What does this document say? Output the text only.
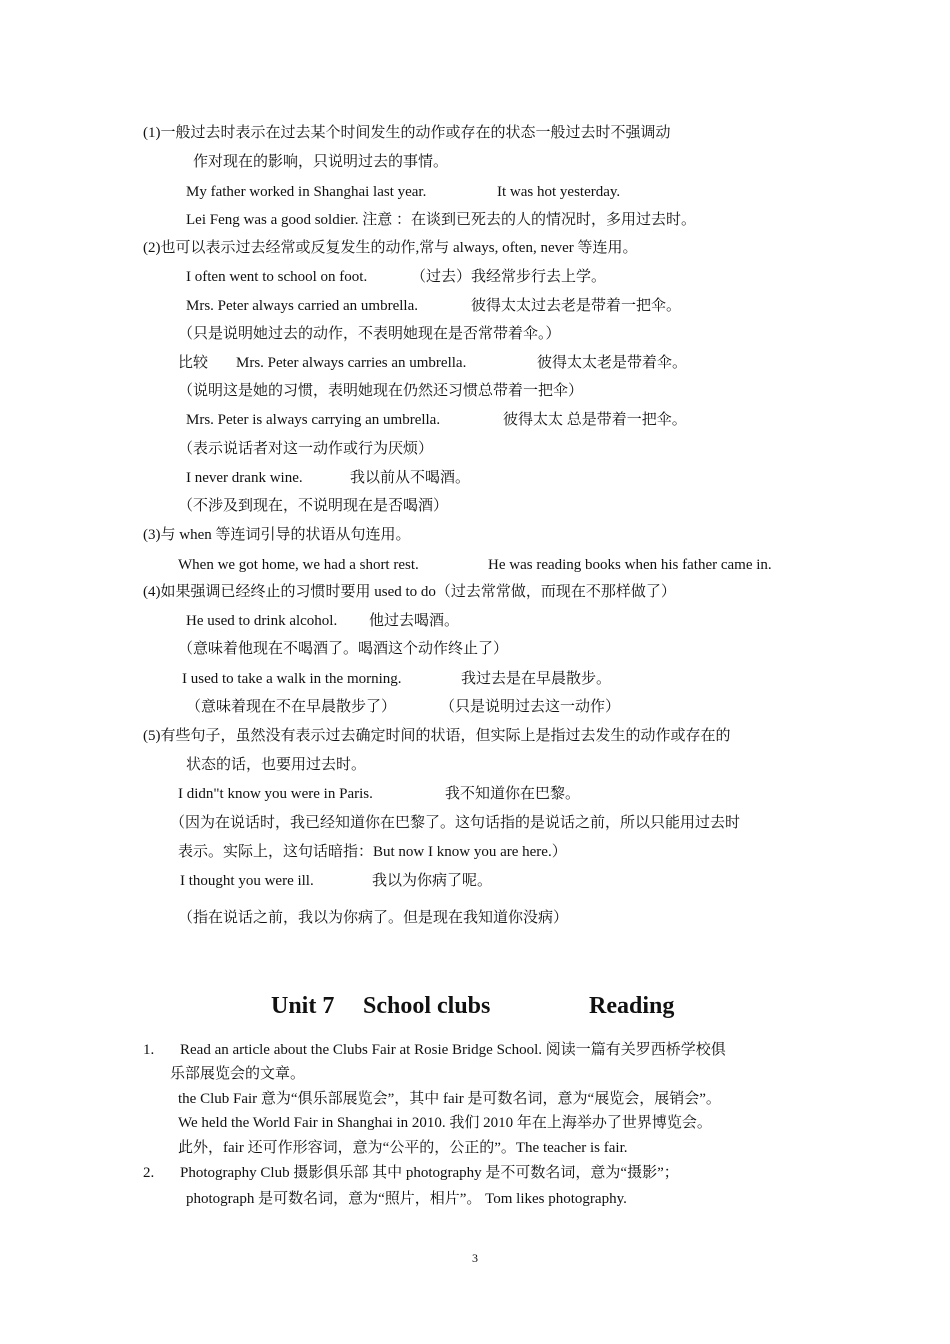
(1)一般过去时表示在过去某个时间发生的动作或存在的状态一般过去时不强调动
作对现在的影响，只说明过去的事情。
My father worked in Shanghai last year.	It was hot yesterday.
Lei Feng was a good soldier. 注意 ：在谈到已死去的人的情况时，多用过去时。
(2)也可以表示过去经常或反复发生的动作,常与 always, often, never 等连用。
I often went to school on foot.	（过去）我经常步行去上学。
Mrs. Peter always carried an umbrella.	彼得太太过去老是带着一把伞。
（只是说明她过去的动作，不表明她现在是否常带着伞。）
比较 Mrs. Peter always carries an umbrella.	彼得太太老是带着伞。
（说明这是她的习惯，表明她现在仍然还习惯总带着一把伞）
Mrs. Peter is always carrying an umbrella.	彼得太太 总是带着一把伞。
（表示说话者对这一动作或行为厌烦）
I never drank wine.	我以前从不喝酒。
（不涉及到现在，不说明现在是否喝酒）
(3)与 when 等连词引导的状语从句连用。
When we got home, we had a short rest.	He was reading books when his father came in.
(4)如果强调已经终止的习惯时要用 used to do（过去常常做，而现在不那样做了）
He used to drink alcohol. 他过去喝酒。
（意味着他现在不喝酒了。喝酒这个动作终止了）
I used to take a walk in the morning.	我过去是在早晨散步。
（意味着现在不在早晨散步了）	（只是说明过去这一动作）
(5)有些句子，虽然没有表示过去确定时间的状语，但实际上是指过去发生的动作或存在的
状态的话，也要用过去时。
I didn"t know you were in Paris.	我不知道你在巴黎。
（因为在说话时，我已经知道你在巴黎了。这句话指的是说话之前，所以只能用过去时
表示。实际上，这句话暗指：But now I know you are here.）
I thought you were ill.	我以为你病了呢。
（指在说话之前，我以为你病了。但是现在我知道你没病）
Unit 7 School clubs	Reading
1. Read an article about the Clubs Fair at Rosie Bridge School. 阅读一篇有关罗西桥学校俱
乐部展览会的文章。
the Club Fair 意为“俱乐部展览会”，其中 fair 是可数名词，意为“展览会，展销会”。
We held the World Fair in Shanghai in 2010. 我们 2010 年在上海举办了世界博览会。
此外，fair 还可作形容词，意为“公平的，公正的”。The teacher is fair.
2. Photography Club 摄影俱乐部 其中 photography 是不可数名词，意为“摄影”；
photograph 是可数名词，意为“照片，相片”。 Tom likes photography.
3
